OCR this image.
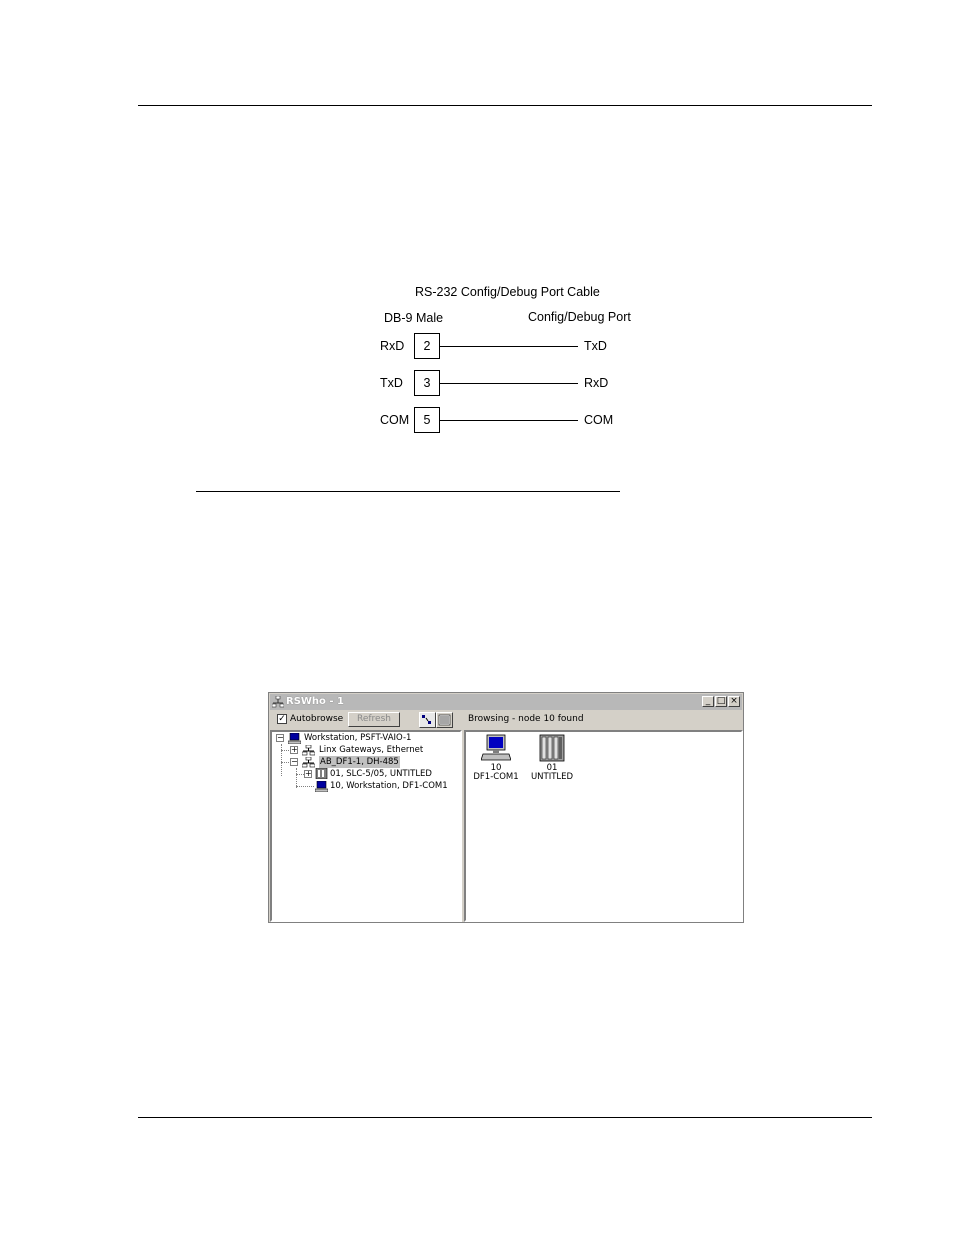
RS-232 Config/Debug Port Cable
DB-9 Male	Config/Debug Port
RxD	2	TxD
TxD	3	RxD
COM	5	COM
RSWho - 1	_ □ ×
✓ Autobrowse	Refresh	Browsing - node 10 found
− Workstation, PSFT-VAIO-1
+	Linx Gateways, Ethernet
−	AB_DF1-1, DH-485
+ 01, SLC-5/05, UNTITLED
10, Workstation, DF1-COM1
10
DF1-COM1
01
UNTITLED
